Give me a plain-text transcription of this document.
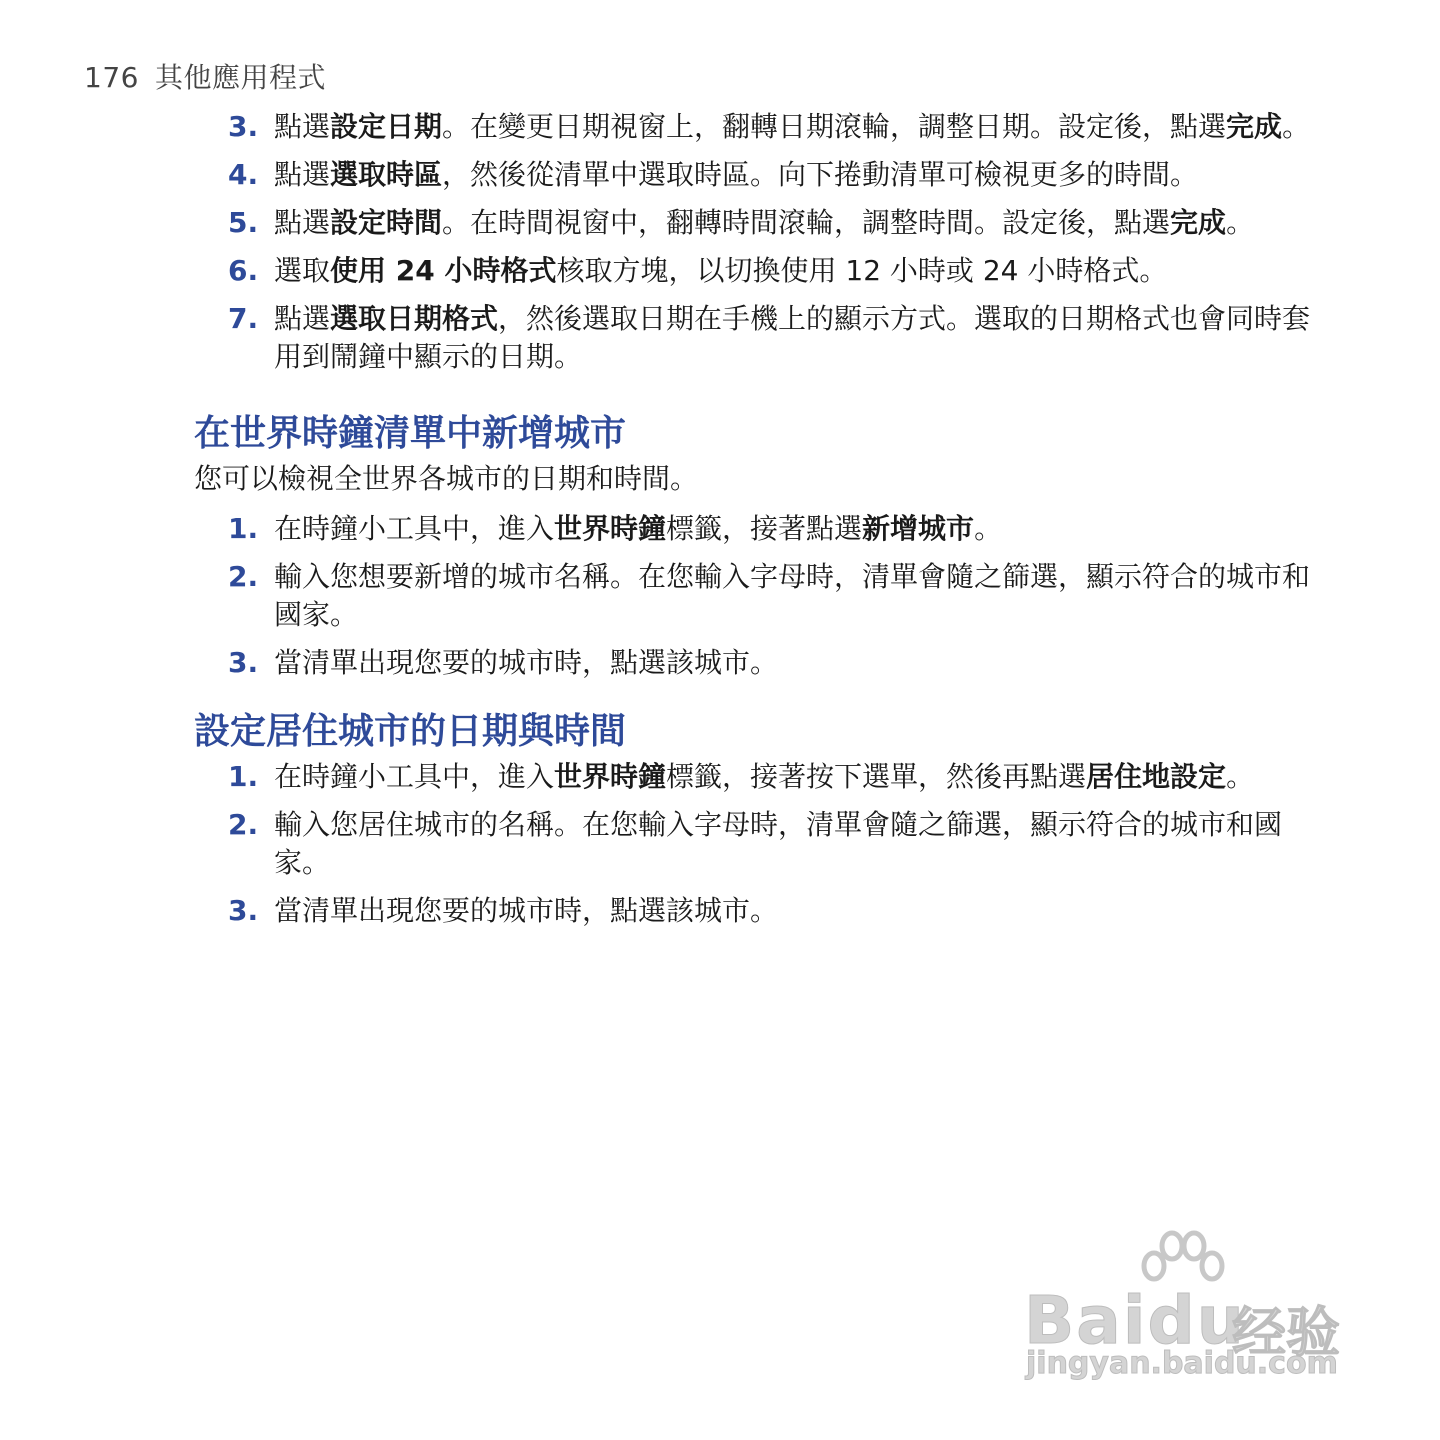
176 其他應用程式
3. 點選設定日期。在變更日期視窗上，翻轉日期滾輪，調整日期。設定後，點選完成。
4. 點選選取時區，然後從清單中選取時區。向下捲動清單可檢視更多的時間。
5. 點選設定時間。在時間視窗中，翻轉時間滾輪，調整時間。設定後，點選完成。
6. 選取使用 24 小時格式核取方塊，以切換使用 12 小時或 24 小時格式。
7. 點選選取日期格式，然後選取日期在手機上的顯示方式。選取的日期格式也會同時套用到鬧鐘中顯示的日期。
在世界時鐘清單中新增城市
您可以檢視全世界各城市的日期和時間。
1. 在時鐘小工具中，進入世界時鐘標籤，接著點選新增城市。
2. 輸入您想要新增的城市名稱。在您輸入字母時，清單會隨之篩選，顯示符合的城市和國家。
3. 當清單出現您要的城市時，點選該城市。
設定居住城市的日期與時間
1. 在時鐘小工具中，進入世界時鐘標籤，接著按下選單，然後再點選居住地設定。
2. 輸入您居住城市的名稱。在您輸入字母時，清單會隨之篩選，顯示符合的城市和國家。
3. 當清單出現您要的城市時，點選該城市。
Baidu
经验
jingyan.baidu.com
